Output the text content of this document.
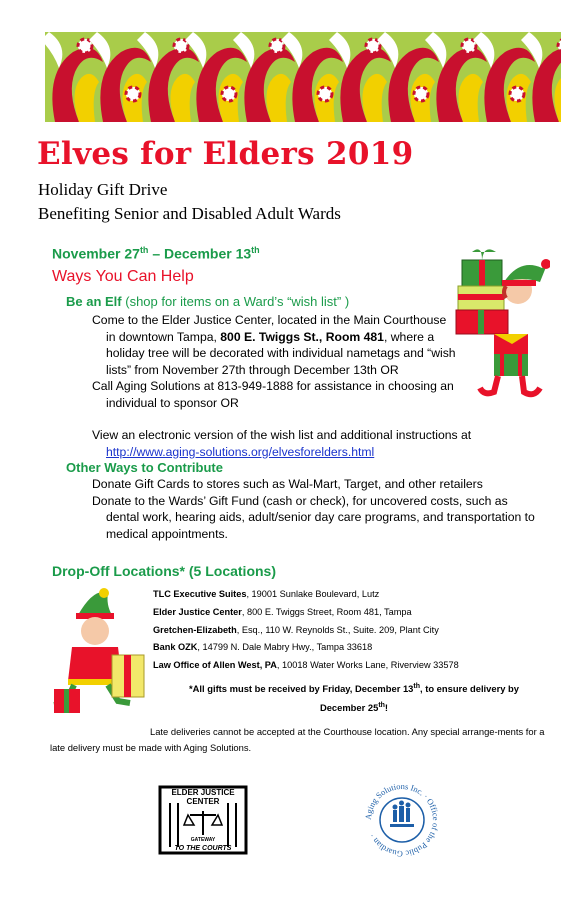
Elves for Elders 2019
Holiday Gift Drive
Benefiting Senior and Disabled Adult Wards
November 27th – December 13th
Ways You Can Help
Be an Elf (shop for items on a Ward’s “wish list” )
Come to the Elder Justice Center, located in the Main Courthouse in downtown Tampa, 800 E. Twiggs St., Room 481, where a holiday tree will be decorated with individual nametags and “wish lists” from November 27th through December 13th OR
Call Aging Solutions at 813-949-1888 for assistance in choosing an individual to sponsor OR
View an electronic version of the wish list and additional instructions at
http://www.aging-solutions.org/elvesforelders.html
Other Ways to Contribute
Donate Gift Cards to stores such as Wal-Mart, Target, and other retailers
Donate to the Wards’ Gift Fund (cash or check), for uncovered costs, such as dental work, hearing aids, adult/senior day care programs, and transportation to medical appointments.
Drop-Off Locations* (5 Locations)
TLC Executive Suites, 19001 Sunlake Boulevard, Lutz
Elder Justice Center, 800 E. Twiggs Street, Room 481, Tampa
Gretchen-Elizabeth, Esq., 110 W. Reynolds St., Suite. 209, Plant City
Bank OZK, 14799 N. Dale Mabry Hwy., Tampa 33618
Law Office of Allen West, PA, 10018 Water Works Lane, Riverview 33578
*All gifts must be received by Friday, December 13th, to ensure delivery by December 25th!
Late deliveries cannot be accepted at the Courthouse location. Any special arrange-ments for a late delivery must be made with Aging Solutions.
ELDER JUSTICE
CENTER
GATEWAY
TO THE COURTS
Aging Solutions Inc. · Office of the Public Guardian ·
